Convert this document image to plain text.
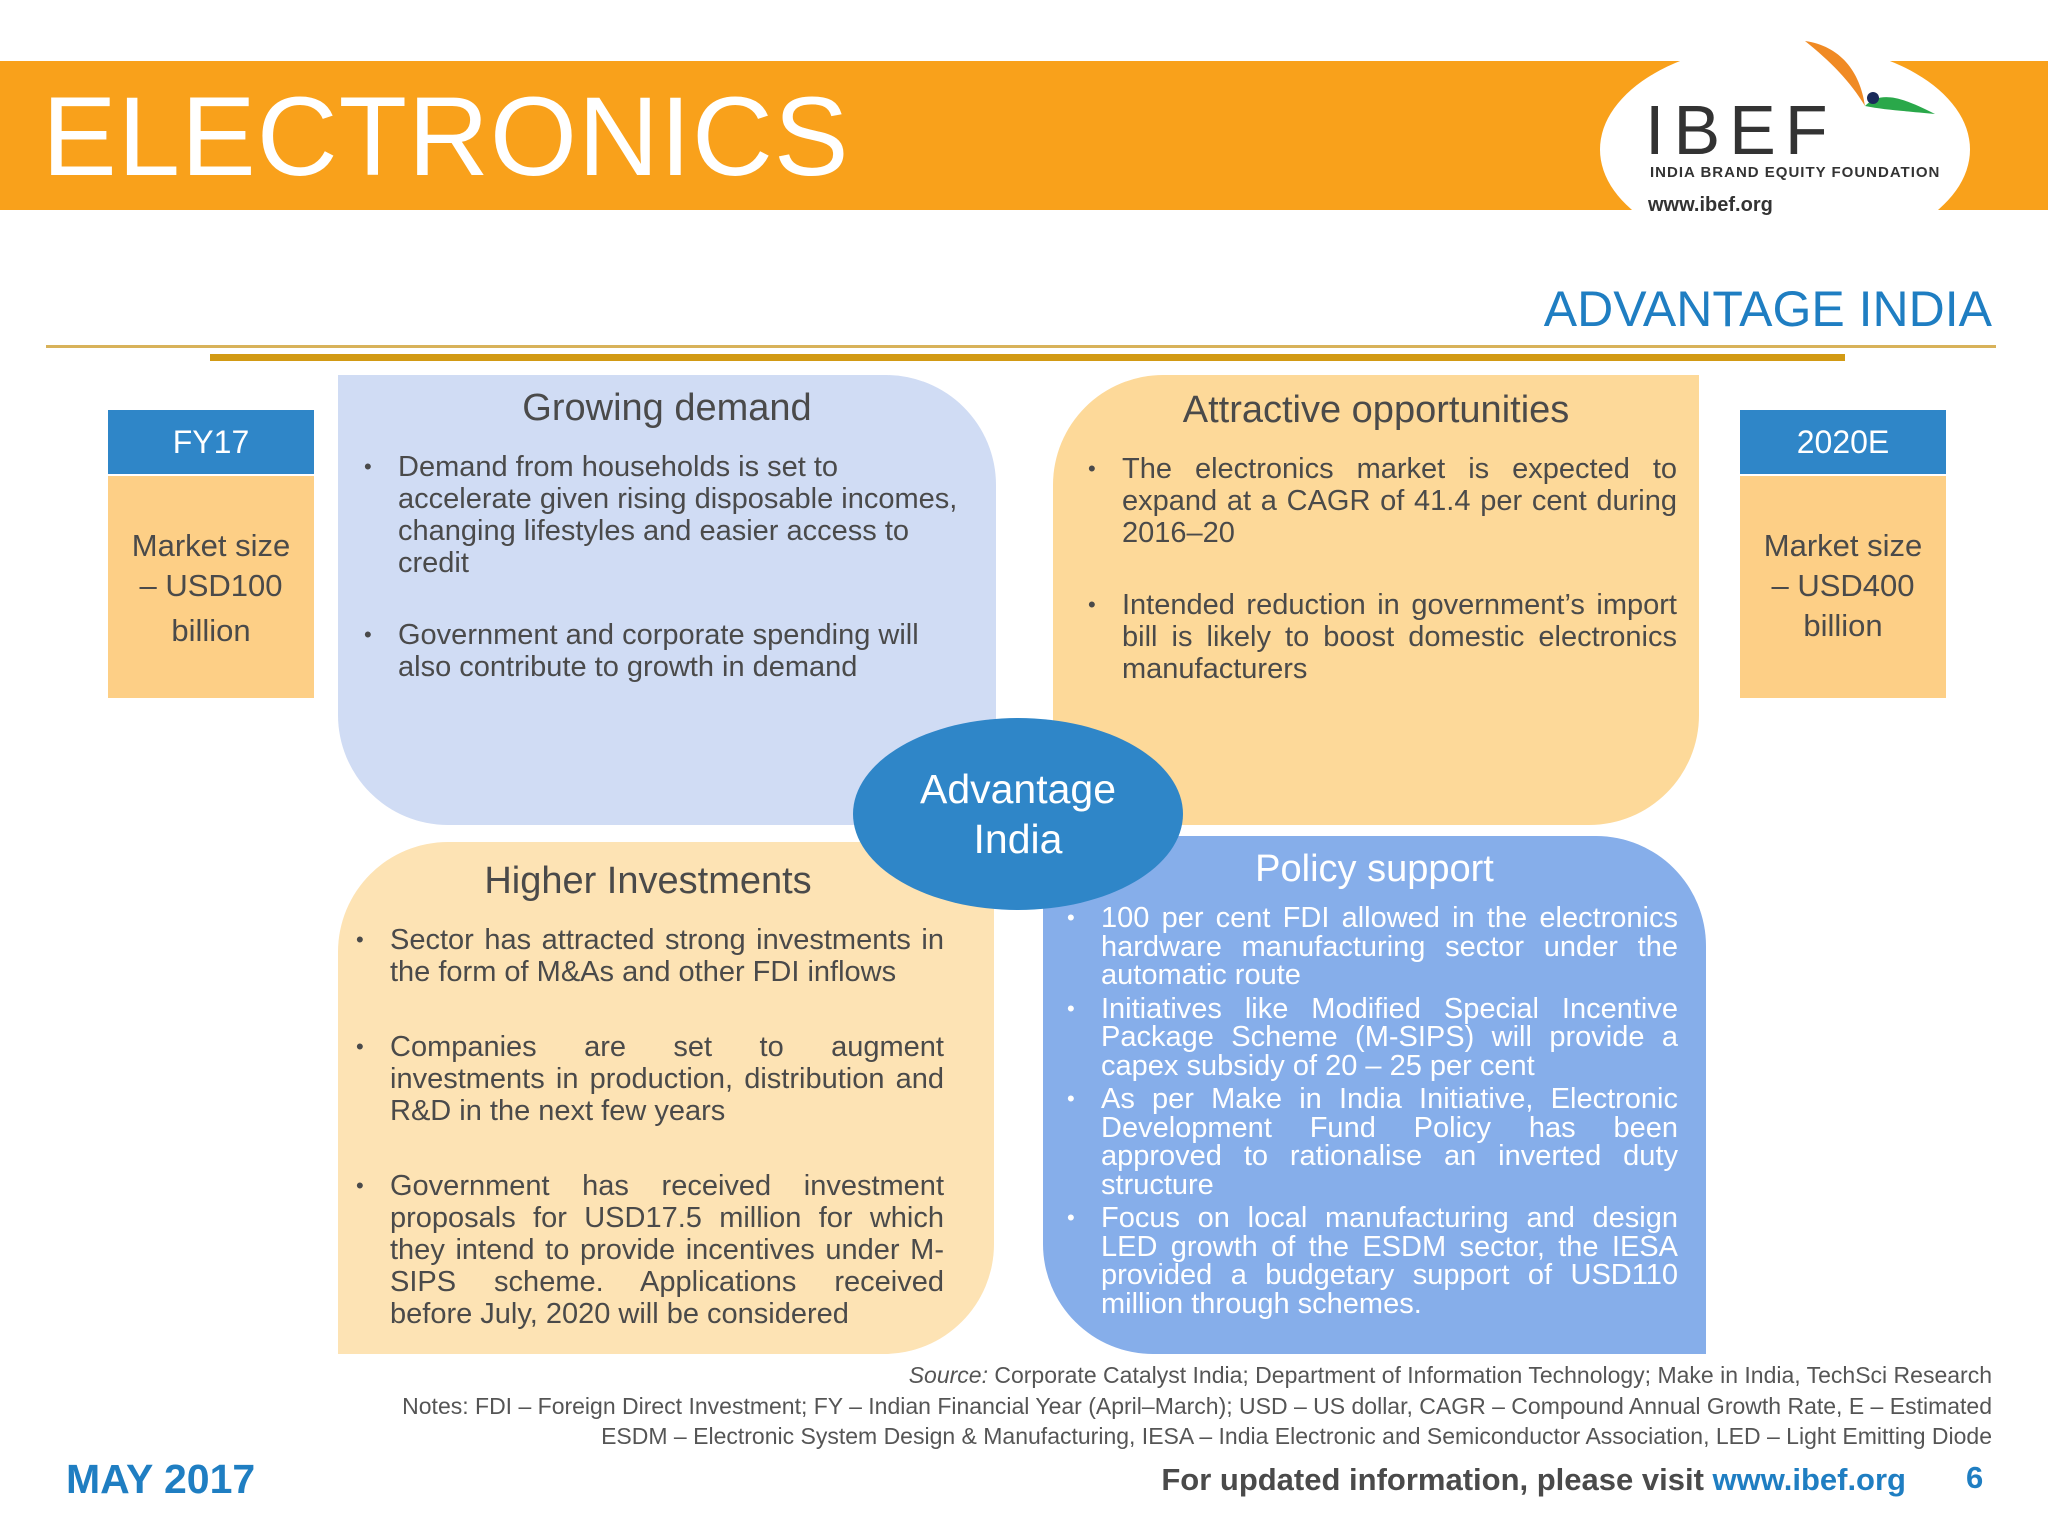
ELECTRONICS	IBEF
INDIA BRAND EQUITY FOUNDATION
www.ibef.org
ADVANTAGE INDIA
FY17
Market size
– USD100
billion
2020E
Market size
– USD400
billion
Growing demand
• Demand from households is set to accelerate given rising disposable incomes, changing lifestyles and easier access to credit
• Government and corporate spending will also contribute to growth in demand
Attractive opportunities
• The electronics market is expected to expand at a CAGR of 41.4 per cent during 2016–20
• Intended reduction in government’s import bill is likely to boost domestic electronics manufacturers
Higher Investments
• Sector has attracted strong investments in the form of M&As and other FDI inflows
• Companies are set to augment investments in production, distribution and R&D in the next few years
• Government has received investment proposals for USD17.5 million for which they intend to provide incentives under M-SIPS scheme. Applications received before July, 2020 will be considered
Policy support
• 100 per cent FDI allowed in the electronics hardware manufacturing sector under the automatic route
• Initiatives like Modified Special Incentive Package Scheme (M-SIPS) will provide a capex subsidy of 20 – 25 per cent
• As per Make in India Initiative, Electronic Development Fund Policy has been approved to rationalise an inverted duty structure
• Focus on local manufacturing and design LED growth of the ESDM sector, the IESA provided a budgetary support of USD110 million through schemes.
Advantage
India
Source: Corporate Catalyst India; Department of Information Technology; Make in India, TechSci Research
Notes: FDI – Foreign Direct Investment; FY – Indian Financial Year (April–March); USD – US dollar, CAGR – Compound Annual Growth Rate, E – Estimated
ESDM – Electronic System Design & Manufacturing, IESA – India Electronic and Semiconductor Association, LED – Light Emitting Diode
MAY 2017	For updated information, please visit www.ibef.org 6
